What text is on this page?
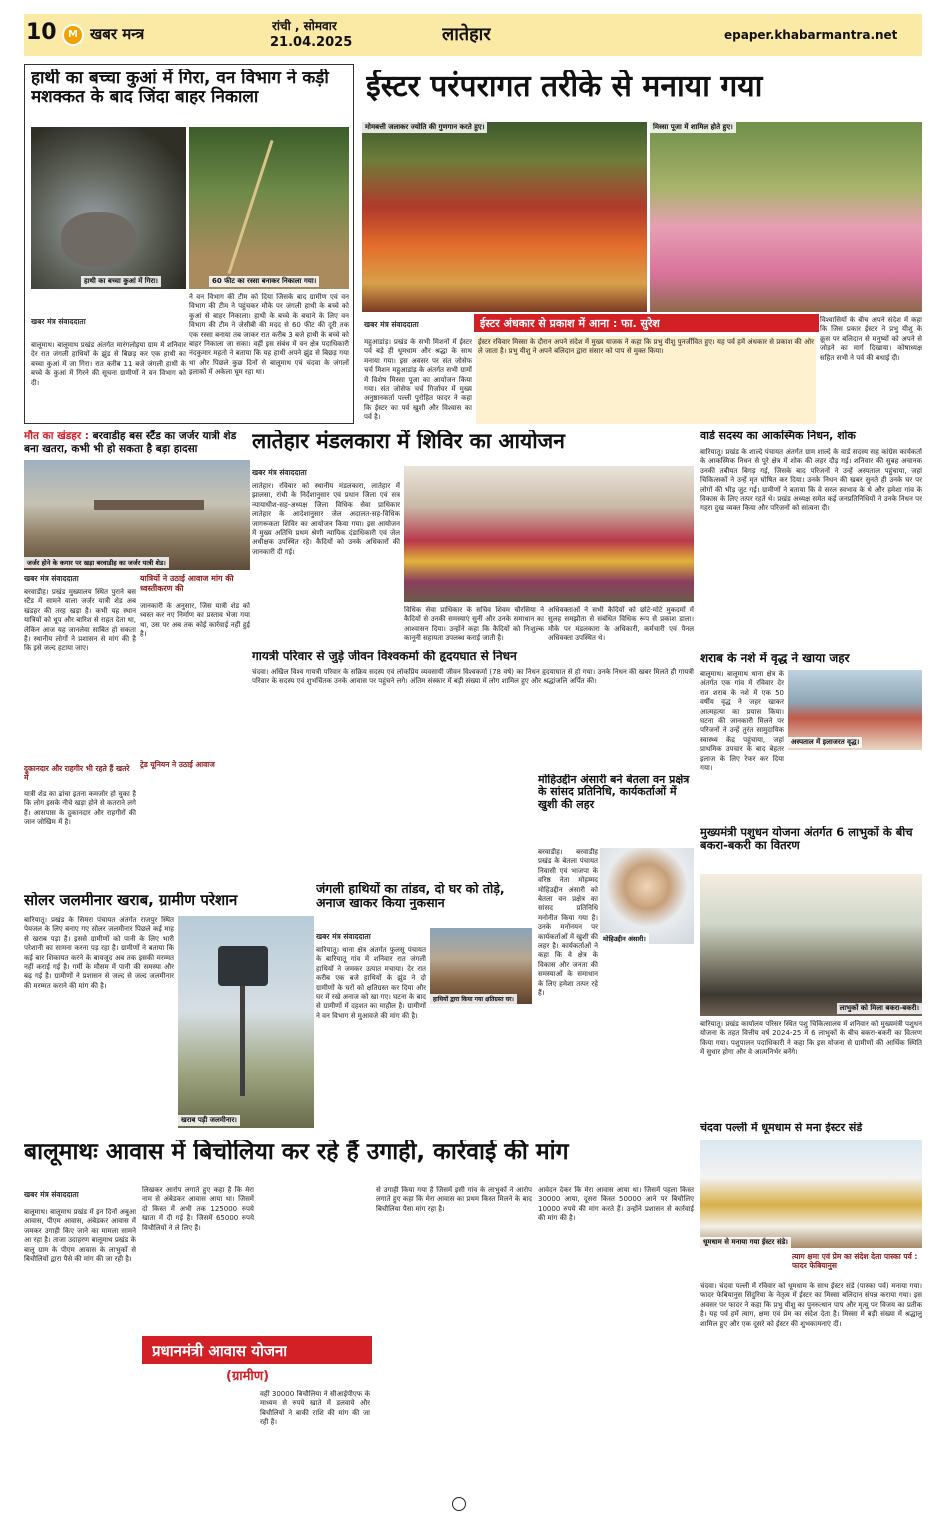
10	M खबर मन्त्र	रांची , सोमवार
21.04.2025	लातेहार	epaper.khabarmantra.net
हाथी का बच्चा कुआं में गिरा, वन विभाग ने कड़ी मशक्कत के बाद जिंदा बाहर निकाला
हाथी का बच्चा कुआं में गिरा।	60 फीट का रस्सा बनाकर निकाला गया।
खबर मंत्र संवाददाता
बालूमाथ। बालूमाथ प्रखंड अंतर्गत मारंगलोइया ग्राम में शनिवार देर रात जंगली हाथियों के झुंड से बिछड़ कर एक हाथी का बच्चा कुआं में जा गिरा। रात करीब 11 बजे जंगली हाथी के बच्चे के कुआं में गिरने की सूचना ग्रामीणों ने वन विभाग को दी।
ने वन विभाग की टीम को दिया जिसके बाद ग्रामीण एवं वन विभाग की टीम ने पहुंचकर मौके पर जंगली हाथी के बच्चे को कुआं से बाहर निकाला। हाथी के बच्चे के बचाने के लिए वन विभाग की टीम ने जेसीबी की मदद से 60 फीट की दूरी तक एक रस्सा बनाया तब जाकर रात करीब 3 बजे हाथी के बच्चे को बाहर निकाला जा सका। वहीं इस संबंध में वन क्षेत्र पदाधिकारी नंदकुमार महतो ने बताया कि यह हाथी अपने झुंड से बिछड़ गया था और पिछले कुछ दिनों से बालूमाथ एवं चंदवा के जंगलों इलाकों में अकेला घूम रहा था।
ईस्टर परंपरागत तरीके से मनाया गया
मोमबत्ती जलाकर ज्योति की गुणगान करते हुए।	मिस्सा पूजा में शामिल होते हुए।
खबर मंत्र संवाददाता	ईस्टर अंधकार से प्रकाश में आना : फा. सुरेश
महुआडांड़। प्रखंड के सभी मिशनों में ईस्टर पर्व बड़े ही धूमधाम और श्रद्धा के साथ मनाया गया। इस अवसर पर संत जोसेफ चर्च मिशन महुआडांड़ के अंतर्गत सभी ग्रामों में विशेष मिस्सा पूजा का आयोजन किया गया। संत जोसेफ चर्च गिर्जाघर में मुख्य अनुष्ठानकर्ता पल्ली पुरोहित फादर ने कहा कि ईस्टर का पर्व खुशी और विश्वास का पर्व है।
ईस्टर रविवार मिस्सा के दौरान अपने संदेश में मुख्य याजक ने कहा कि प्रभु यीशु पुनर्जीवित हुए। यह पर्व हमें अंधकार से प्रकाश की ओर ले जाता है। प्रभु यीशु ने अपने बलिदान द्वारा संसार को पाप से मुक्त किया।
विश्वासियों के बीच अपने संदेश में कहा कि जिस प्रकार ईस्टर ने प्रभु यीशु के क्रूस पर बलिदान से मनुष्यों को अपने से जोड़ने का मार्ग दिखाया। कोषाध्यक्ष सहित सभी ने पर्व की बधाई दी।
मौत का खंडहर : बरवाडीह बस स्टैंड का जर्जर यात्री शेड बना खतरा, कभी भी हो सकता है बड़ा हादसा
जर्जर होने के कगार पर खड़ा बरवाडीह का जर्जर यात्री शेड।
खबर मंत्र संवाददाता	यात्रियों ने उठाई आवाज मांग की ध्वस्तीकरण की
बरवाडीह। प्रखंड मुख्यालय स्थित पुराने बस स्टैंड में सामने वाला जर्जर यात्री शेड अब खंडहर की तरह खड़ा है। कभी यह स्थान यात्रियों को धूप और बारिश से राहत देता था, लेकिन आज यह जानलेवा साबित हो सकता है। स्थानीय लोगों ने प्रशासन से मांग की है कि इसे जल्द हटाया जाए।
जानकारी के अनुसार, जिस यात्री शेड को ध्वस्त कर नए निर्माण का प्रस्ताव भेजा गया था, उस पर अब तक कोई कार्रवाई नहीं हुई है।
दुकानदार और राहगीर भी रहते हैं खतरे में
यात्री शेड का ढांचा इतना कमजोर हो चुका है कि लोग इसके नीचे खड़ा होने से कतराने लगे हैं। आसपास के दुकानदार और राहगीरों की जान जोखिम में है।
ट्रेड यूनियन ने उठाई आवाज
लातेहार मंडलकारा में शिविर का आयोजन
खबर मंत्र संवाददाता
लातेहार। रविवार को स्थानीय मंडलकारा, लातेहार में झालसा, रांची के निर्देशानुसार एवं प्रधान जिला एवं सत्र न्यायाधीश-सह-अध्यक्ष जिला विधिक सेवा प्राधिकार लातेहार के आदेशानुसार जेल अदालत-सह-विधिक जागरूकता शिविर का आयोजन किया गया। इस आयोजन में मुख्य अतिथि प्रथम श्रेणी न्यायिक दंडाधिकारी एवं जेल अधीक्षक उपस्थित रहे। कैदियों को उनके अधिकारों की जानकारी दी गई।
विधिक सेवा प्राधिकार के सचिव शिवम चौरसिया ने कैदियों से उनकी समस्याएं सुनीं और उनके समाधान का आश्वासन दिया। उन्होंने कहा कि कैदियों को निःशुल्क कानूनी सहायता उपलब्ध कराई जाती है।
अधिवक्ताओं ने सभी कैदियों को छोटे-मोटे मुकदमों में सुलह समझौता से संबंधित विधिक रूप से प्रकाश डाला। मौके पर मंडलकारा के अधिकारी, कर्मचारी एवं पैनल अधिवक्ता उपस्थित थे।
वार्ड सदस्य का आकस्मिक निधन, शोक
बारियातू। प्रखंड के शाल्दे पंचायत अंतर्गत ग्राम शाल्दे के वार्ड सदस्य सह कांग्रेस कार्यकर्ता के आकस्मिक निधन से पूरे क्षेत्र में शोक की लहर दौड़ गई। शनिवार की सुबह अचानक उनकी तबीयत बिगड़ गई, जिसके बाद परिजनों ने उन्हें अस्पताल पहुंचाया, जहां चिकित्सकों ने उन्हें मृत घोषित कर दिया। उनके निधन की खबर सुनते ही उनके घर पर लोगों की भीड़ जुट गई। ग्रामीणों ने बताया कि वे सरल स्वभाव के थे और हमेशा गांव के विकास के लिए तत्पर रहते थे। प्रखंड अध्यक्ष समेत कई जनप्रतिनिधियों ने उनके निधन पर गहरा दुख व्यक्त किया और परिजनों को सांत्वना दी।
गायत्री परिवार से जुड़े जीवन विश्वकर्मा की हृदयघात से निधन
चंदवा। अखिल विश्व गायत्री परिवार के सक्रिय सदस्य एवं लोकप्रिय व्यवसायी जीवन विश्वकर्मा (78 वर्ष) का निधन हृदयाघात से हो गया। उनके निधन की खबर मिलते ही गायत्री परिवार के सदस्य एवं शुभचिंतक उनके आवास पर पहुंचने लगे। अंतिम संस्कार में बड़ी संख्या में लोग शामिल हुए और श्रद्धांजलि अर्पित की।
शराब के नशे में वृद्ध ने खाया जहर
बालूमाथ। बालूमाथ थाना क्षेत्र के अंतर्गत एक गांव में रविवार देर रात शराब के नशे में एक 50 वर्षीय वृद्ध ने जहर खाकर आत्महत्या का प्रयास किया। घटना की जानकारी मिलने पर परिजनों ने उन्हें तुरंत सामुदायिक स्वास्थ्य केंद्र पहुंचाया, जहां प्राथमिक उपचार के बाद बेहतर इलाज के लिए रेफर कर दिया गया।
अस्पताल में इलाजरत वृद्ध।
मोहिउद्दीन अंसारी बने बेतला वन प्रक्षेत्र के सांसद प्रतिनिधि, कार्यकर्ताओं में खुशी की लहर
मोहिउद्दीन अंसारी।
बरवाडीह। बरवाडीह प्रखंड के बेतला पंचायत निवासी एवं भाजपा के वरिष्ठ नेता मोहम्मद मोहिउद्दीन अंसारी को बेतला वन प्रक्षेत्र का सांसद प्रतिनिधि मनोनीत किया गया है। उनके मनोनयन पर कार्यकर्ताओं में खुशी की लहर है। कार्यकर्ताओं ने कहा कि वे क्षेत्र के विकास और जनता की समस्याओं के समाधान के लिए हमेशा तत्पर रहे हैं।
मुख्यमंत्री पशुधन योजना अंतर्गत 6 लाभुकों के बीच बकरा-बकरी का वितरण
लाभुकों को मिला बकरा-बकरी।
बारियातू। प्रखंड कार्यालय परिसर स्थित पशु चिकित्सालय में शनिवार को मुख्यमंत्री पशुधन योजना के तहत वित्तीय वर्ष 2024-25 में 6 लाभुकों के बीच बकरा-बकरी का वितरण किया गया। पशुपालन पदाधिकारी ने कहा कि इस योजना से ग्रामीणों की आर्थिक स्थिति में सुधार होगा और वे आत्मनिर्भर बनेंगे।
सोलर जलमीनार खराब, ग्रामीण परेशान
बारियातू। प्रखंड के सिमरा पंचायत अंतर्गत राजपुर स्थित पेयजल के लिए बनाए गए सोलर जलमीनार पिछले कई माह से खराब पड़ा है। इससे ग्रामीणों को पानी के लिए भारी परेशानी का सामना करना पड़ रहा है। ग्रामीणों ने बताया कि कई बार शिकायत करने के बावजूद अब तक इसकी मरम्मत नहीं कराई गई है। गर्मी के मौसम में पानी की समस्या और बढ़ गई है। ग्रामीणों ने प्रशासन से जल्द से जल्द जलमीनार की मरम्मत कराने की मांग की है।
खराब पड़ी जलमीनार।
जंगली हाथियों का तांडव, दो घर को तोड़े, अनाज खाकर किया नुकसान
खबर मंत्र संवाददाता
हाथियों द्वारा किया गया क्षतिग्रस्त घर।
बारियातू। थाना क्षेत्र अंतर्गत फुलसू पंचायत के बारियातू गांव में शनिवार रात जंगली हाथियों ने जमकर उत्पात मचाया। देर रात करीब एक बजे हाथियों के झुंड ने दो ग्रामीणों के घरों को क्षतिग्रस्त कर दिया और घर में रखे अनाज को खा गए। घटना के बाद से ग्रामीणों में दहशत का माहौल है। ग्रामीणों ने वन विभाग से मुआवजे की मांग की है।
बालूमाथः आवास में बिचोलिया कर रहे हैं उगाही, कार्रवाई की मांग
खबर मंत्र संवाददाता
बालूमाथ। बालूमाथ प्रखंड में इन दिनों अबुआ आवास, पीएम आवास, अंबेडकर आवास में जमकर उगाही किए जाने का मामला सामने आ रहा है। ताजा उदाहरण बालूमाथ प्रखंड के बालू ग्राम के पीएम आवास के लाभुकों से बिचौलियों द्वारा पैसे की मांग की जा रही है।
लिखकर आरोप लगाते हुए कहा है कि मेरा नाम से अंबेडकर आवास आया था। जिसमें दो किस्त में अभी तक 125000 रुपये खाता में दी गई है। जिसमें 65000 रुपये विचौलियों ने ले लिए हैं।
वहीं 30000 बिचौलिया ने सीआईपीएफ के माध्यम से रुपये खाते में डलवाये और बिचौलियों ने बाकी राशि की मांग की जा रही है।
प्रधानमंत्री आवास योजना
(ग्रामीण)
से उगाही किया गया है जिसमें इसी गांव के लाभुकों ने आरोप लगाते हुए कहा कि मेरा आवास का प्रथम किस्त मिलने के बाद बिचौलिया पैसा मांग रहा है।
आवेदन देकर कि मेरा आवास आया था। जिसमें पहला किस्त 30000 आया, दूसरा किस्त 50000 आने पर बिचौलिए 10000 रुपये की मांग करते हैं। उन्होंने प्रशासन से कार्रवाई की मांग की है।
चंदवा पल्ली में धूमधाम से मना ईस्टर संडे
धूमधाम से मनाया गया ईस्टर संडे।
त्याग क्षमा एवं प्रेम का संदेश देता पास्का पर्व : फादर फेबियानुस
चंदवा। चंदवा पल्ली में रविवार को धूमधाम के साथ ईस्टर संडे (पास्का पर्व) मनाया गया। फादर फेबियानुस सिंदुरिया के नेतृत्व में ईस्टर का मिस्सा बलिदान संपन्न कराया गया। इस अवसर पर फादर ने कहा कि प्रभु यीशु का पुनरुत्थान पाप और मृत्यु पर विजय का प्रतीक है। यह पर्व हमें त्याग, क्षमा एवं प्रेम का संदेश देता है। मिस्सा में बड़ी संख्या में श्रद्धालु शामिल हुए और एक दूसरे को ईस्टर की शुभकामनाएं दीं।
